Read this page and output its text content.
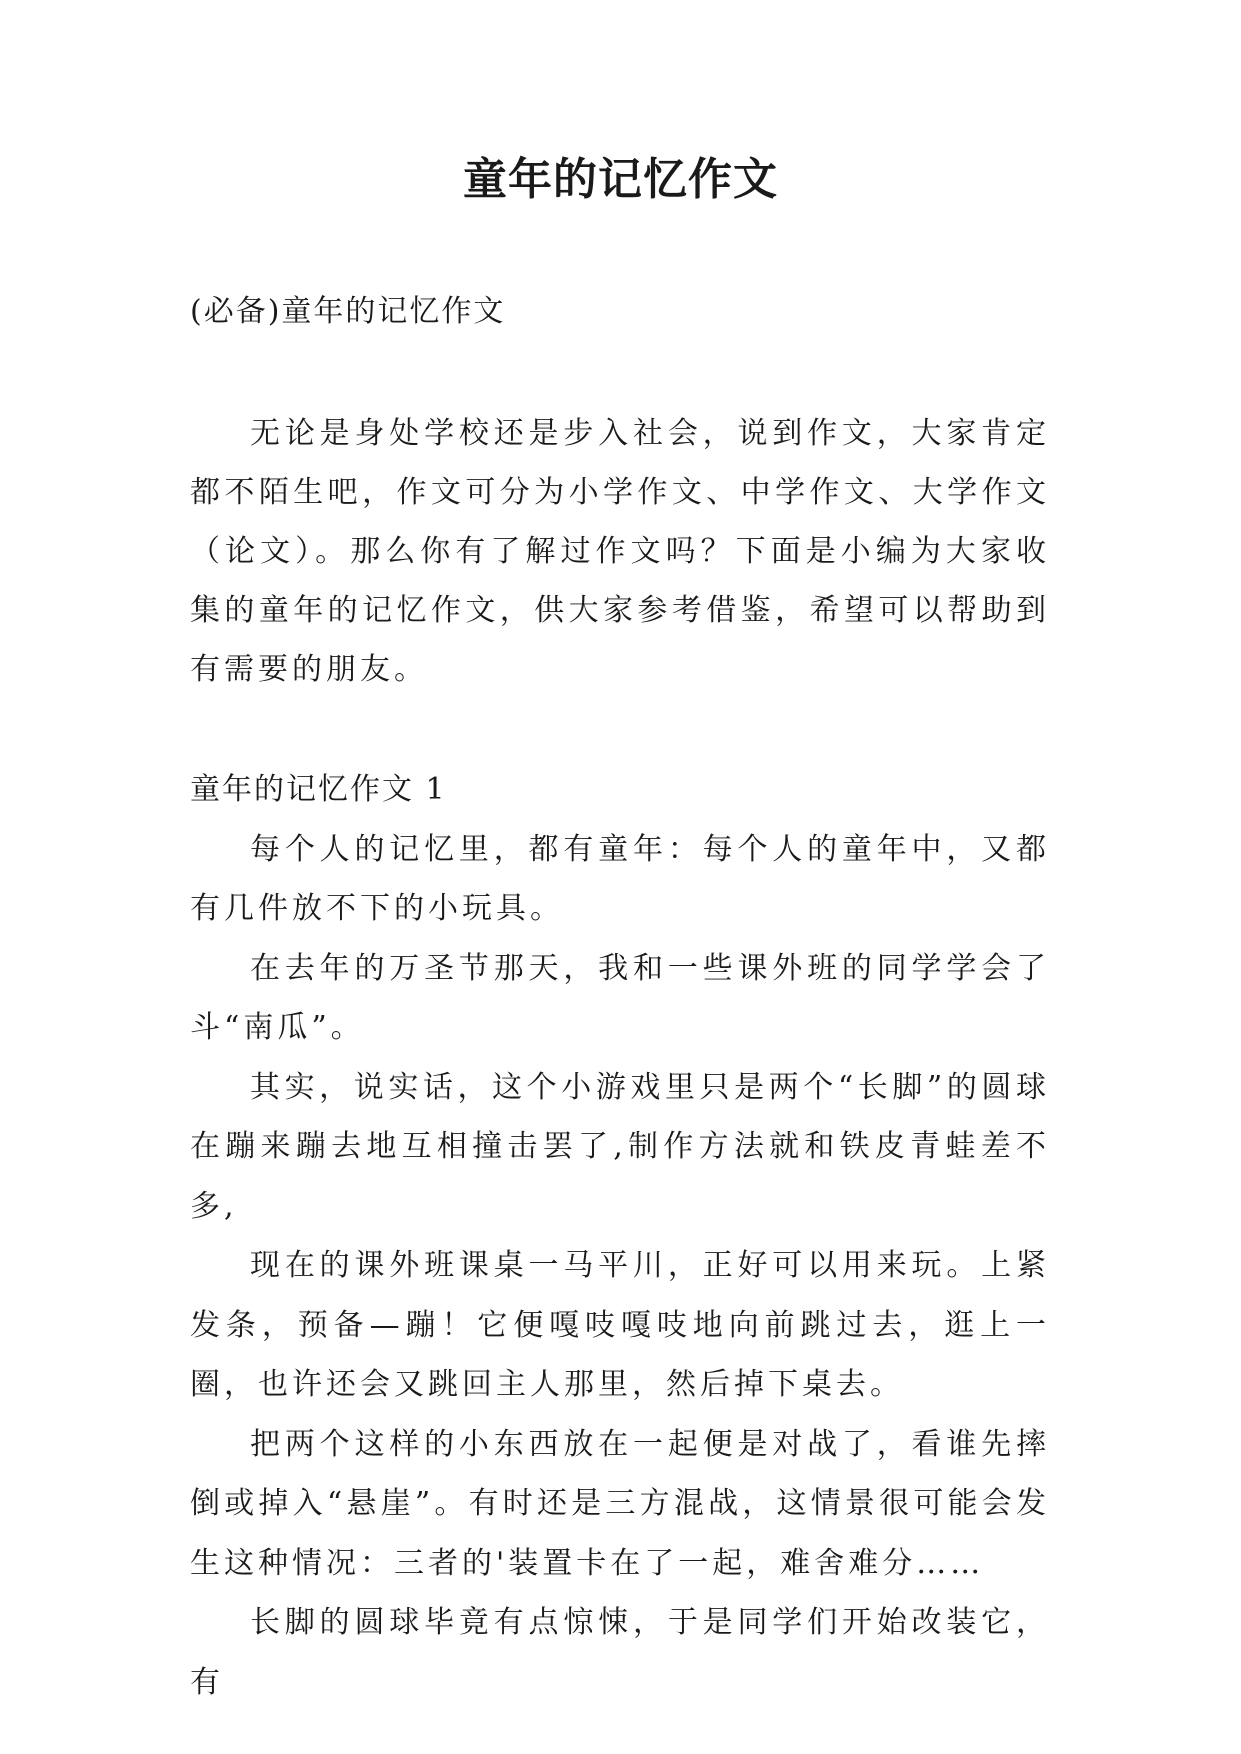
童年的记忆作文
(必备)童年的记忆作文

无论是身处学校还是步入社会，说到作文，大家肯定都不陌生吧，作文可分为小学作文、中学作文、大学作文（论文）。那么你有了解过作文吗？下面是小编为大家收集的童年的记忆作文，供大家参考借鉴，希望可以帮助到有需要的朋友。

童年的记忆作文 1

每个人的记忆里，都有童年：每个人的童年中，又都有几件放不下的小玩具。

在去年的万圣节那天，我和一些课外班的同学学会了斗“南瓜”。

其实，说实话，这个小游戏里只是两个“长脚”的圆球在蹦来蹦去地互相撞击罢了,制作方法就和铁皮青蛙差不多,

现在的课外班课桌一马平川，正好可以用来玩。上紧发条，预备—蹦！它便嘎吱嘎吱地向前跳过去，逛上一圈，也许还会又跳回主人那里，然后掉下桌去。

把两个这样的小东西放在一起便是对战了，看谁先摔倒或掉入“悬崖”。有时还是三方混战，这情景很可能会发生这种情况：三者的'装置卡在了一起，难舍难分……

长脚的圆球毕竟有点惊悚，于是同学们开始改装它，有
